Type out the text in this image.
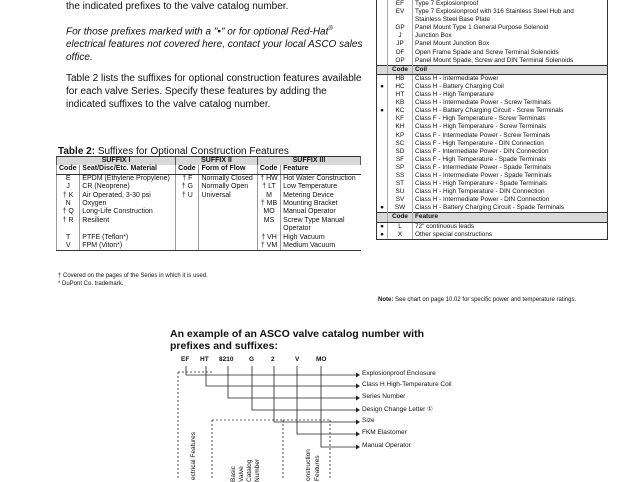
the indicated prefixes to the valve catalog number.

For those prefixes marked with a "•" or for optional Red-Hat® electrical features not covered here, contact your local ASCO sales office.

Table 2 lists the suffixes for optional construction features available for each valve Series. Specify these features by adding the indicated suffixes to the valve catalog number.

Table 2: Suffixes for Optional Construction Features
SUFFIX I		SUFFIX II		SUFFIX III	
Code	Seat/Disc/Etc. Material	Code	Form of Flow	Code	Feature
E	EPDM (Ethylene Propylene)	† F	Normally Closed	† HW	Hot Water Construction
J	CR (Neoprene)	† G	Normally Open	† LT	Low Temperature
† K	Air Operated, 3-30 psi	† U	Universal	M	Metering Device
N	Oxygen			† MB	Mounting Bracket
† Q	Long-Life Construction			MO	Manual Operator
† R	Resilient			MS	Screw Type Manual
					Operator
T	PTFE (Teflon*)			† VH	High Vacuum
V	FPM (Viton*)			† VM	Medium Vacuum
† Covered on the pages of the Series in which it is used.
* DuPont Co. trademark.

	EF	Type 7 Explosionproof
	EV	Type 7 Explosionproof with 316 Stainless Steel Hub and
		Stainless Steel Base Plate
	GP	Panel Mount Type 1 General Purpose Solenoid
	J	Junction Box
	JP	Panel Mount Junction Box
	OF	Open Frame Spade and Screw Terminal Solenoids
	OP	Panel Mount Spade, Screw and DIN Terminal Solenoids
	Code	Coil
	HB	Class H - Intermediate Power
●	HC	Class H - Battery Charging Coil
	HT	Class H - High Temperature
	KB	Class H - Intermediate Power - Screw Terminals
●	KC	Class H - Battery Charging Circuit - Screw Terminals
	KF	Class F - High Temperature - Screw Terminals
	KH	Class H - High Temperature - Screw Terminals
	KP	Class F - Intermediate Power - Screw Terminals
	SC	Class F - High Temperature - DIN Connection
	SD	Class F - Intermediate Power - DIN Connection
	SF	Class F - High Temperature - Spade Terminals
	SP	Class F - Intermediate Power - Spade Terminals
	SS	Class H - Intermediate Power - Spade Terminals
	ST	Class H - High Temperature - Spade Terminals
	SU	Class H - High Temperature - DIN Connection
	SV	Class H - Intermediate Power - DIN Connection
●	SW	Class H - Battery Charging Circuit - Spade Terminals
	Code	Feature
●	L	72" continuous leads
●	X	Other special constructions
Note: See chart on page 10.02 for specific power and temperature ratings.
An example of an ASCO valve catalog number with
prefixes and suffixes:
EF HT 8210 G	2	V	MO
Explosionproof Enclosure
Class H High-Temperature Coil
Series Number
Design Change Letter ①
Size
FKM Elastomer
Manual Operator
ectrical Features	Basic Valve Catalog Number	onstruction Features
